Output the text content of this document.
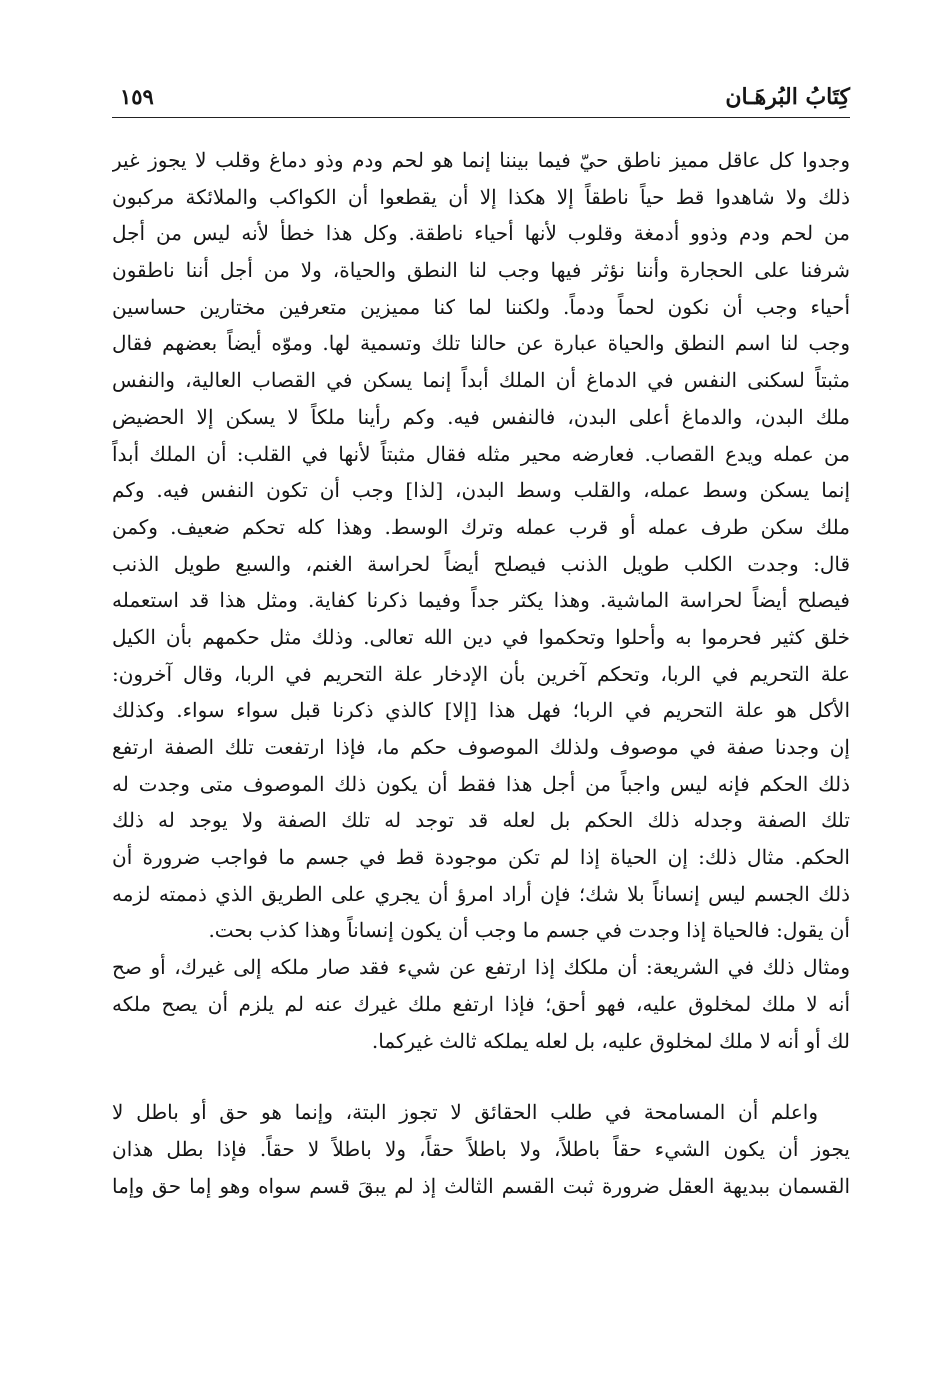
كِتَابُ البُرهَـان
١٥٩
وجدوا كل عاقل مميز ناطق حيّ فيما بيننا إنما هو لحم ودم وذو دماغ وقلب لا يجوز غير
ذلك ولا شاهدوا قط حياً ناطقاً إلا هكذا إلا أن يقطعوا أن الكواكب والملائكة مركبون
من لحم ودم وذوو أدمغة وقلوب لأنها أحياء ناطقة. وكل هذا خطأ لأنه ليس من أجل
شرفنا على الحجارة وأننا نؤثر فيها وجب لنا النطق والحياة، ولا من أجل أننا ناطقون
أحياء وجب أن نكون لحماً ودماً. ولكننا لما كنا مميزين متعرفين مختارين حساسين
وجب لنا اسم النطق والحياة عبارة عن حالنا تلك وتسمية لها. وموّه أيضاً بعضهم فقال
مثبتاً لسكنى النفس في الدماغ أن الملك أبداً إنما يسكن في القصاب العالية، والنفس
ملك البدن، والدماغ أعلى البدن، فالنفس فيه. وكم رأينا ملكاً لا يسكن إلا الحضيض
من عمله ويدع القصاب. فعارضه محير مثله فقال مثبتاً لأنها في القلب: أن الملك أبداً
إنما يسكن وسط عمله، والقلب وسط البدن، [لذا] وجب أن تكون النفس فيه. وكم
ملك سكن طرف عمله أو قرب عمله وترك الوسط. وهذا كله تحكم ضعيف. وكمن
قال: وجدت الكلب طويل الذنب فيصلح أيضاً لحراسة الغنم، والسبع طويل الذنب
فيصلح أيضاً لحراسة الماشية. وهذا يكثر جداً وفيما ذكرنا كفاية. ومثل هذا قد استعمله
خلق كثير فحرموا به وأحلوا وتحكموا في دين الله تعالى. وذلك مثل حكمهم بأن الكيل
علة التحريم في الربا، وتحكم آخرين بأن الإدخار علة التحريم في الربا، وقال آخرون:
الأكل هو علة التحريم في الربا؛ فهل هذا [إلا] كالذي ذكرنا قبل سواء سواء. وكذلك
إن وجدنا صفة في موصوف ولذلك الموصوف حكم ما، فإذا ارتفعت تلك الصفة ارتفع
ذلك الحكم فإنه ليس واجباً من أجل هذا فقط أن يكون ذلك الموصوف متى وجدت له
تلك الصفة وجدله ذلك الحكم بل لعله قد توجد له تلك الصفة ولا يوجد له ذلك
الحكم. مثال ذلك: إن الحياة إذا لم تكن موجودة قط في جسم ما فواجب ضرورة أن
ذلك الجسم ليس إنساناً بلا شك؛ فإن أراد امرؤ أن يجري على الطريق الذي ذممته لزمه
أن يقول: فالحياة إذا وجدت في جسم ما وجب أن يكون إنساناً وهذا كذب بحت.
ومثال ذلك في الشريعة: أن ملكك إذا ارتفع عن شيء فقد صار ملكه إلى غيرك، أو صح
أنه لا ملك لمخلوق عليه، فهو أحق؛ فإذا ارتفع ملك غيرك عنه لم يلزم أن يصح ملكه
لك أو أنه لا ملك لمخلوق عليه، بل لعله يملكه ثالث غيركما.
واعلم أن المسامحة في طلب الحقائق لا تجوز البتة، وإنما هو حق أو باطل لا
يجوز أن يكون الشيء حقاً باطلاً، ولا باطلاً حقاً، ولا باطلاً لا حقاً. فإذا بطل هذان
القسمان ببديهة العقل ضرورة ثبت القسم الثالث إذ لم يبقَ قسم سواه وهو إما حق وإما
